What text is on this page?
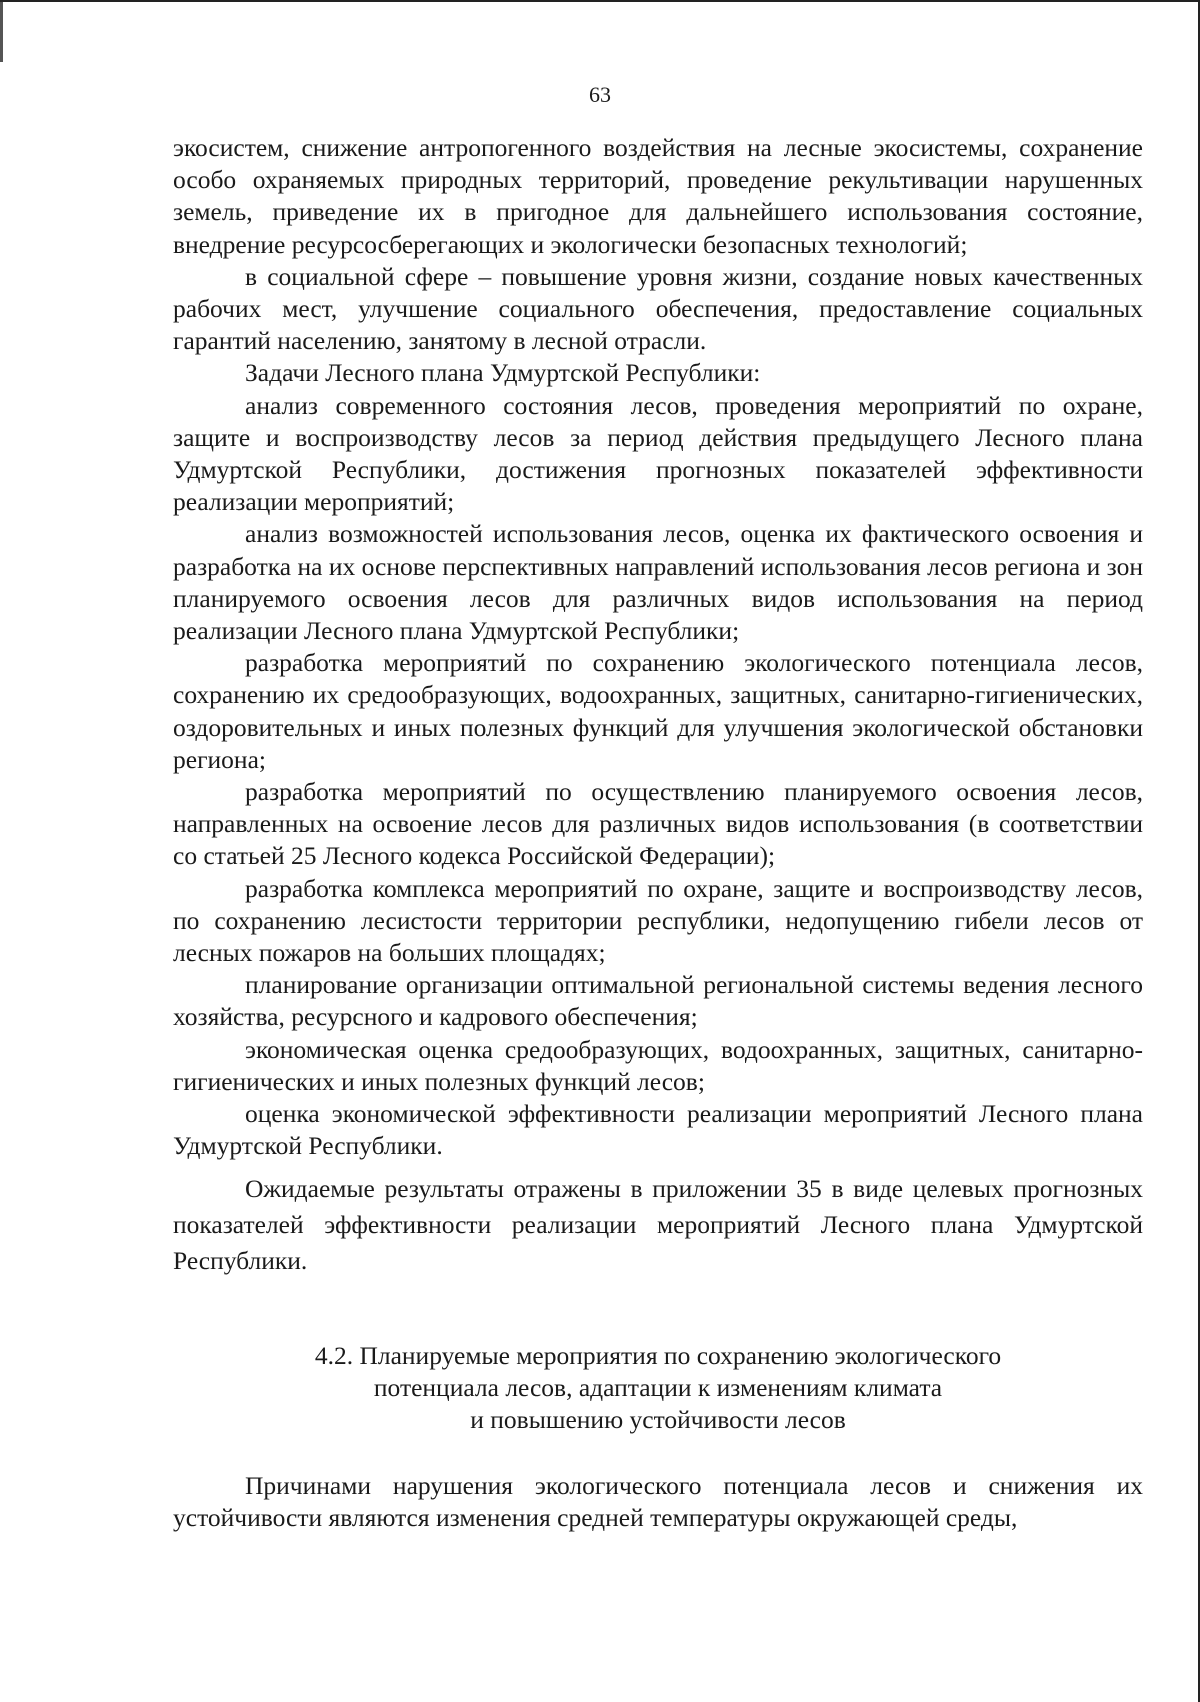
63

экосистем, снижение антропогенного воздействия на лесные экосистемы, сохранение особо охраняемых природных территорий, проведение рекультивации нарушенных земель, приведение их в пригодное для дальнейшего использования состояние, внедрение ресурсосберегающих и экологически безопасных технологий;

в социальной сфере – повышение уровня жизни, создание новых качественных рабочих мест, улучшение социального обеспечения, предоставление социальных гарантий населению, занятому в лесной отрасли.

Задачи Лесного плана Удмуртской Республики:

анализ современного состояния лесов, проведения мероприятий по охране, защите и воспроизводству лесов за период действия предыдущего Лесного плана Удмуртской Республики, достижения прогнозных показателей эффективности реализации мероприятий;

анализ возможностей использования лесов, оценка их фактического освоения и разработка на их основе перспективных направлений использования лесов региона и зон планируемого освоения лесов для различных видов использования на период реализации Лесного плана Удмуртской Республики;

разработка мероприятий по сохранению экологического потенциала лесов, сохранению их средообразующих, водоохранных, защитных, санитарно-гигиенических, оздоровительных и иных полезных функций для улучшения экологической обстановки региона;

разработка мероприятий по осуществлению планируемого освоения лесов, направленных на освоение лесов для различных видов использования (в соответствии со статьей 25 Лесного кодекса Российской Федерации);

разработка комплекса мероприятий по охране, защите и воспроизводству лесов, по сохранению лесистости территории республики, недопущению гибели лесов от лесных пожаров на больших площадях;

планирование организации оптимальной региональной системы ведения лесного хозяйства, ресурсного и кадрового обеспечения;

экономическая оценка средообразующих, водоохранных, защитных, санитарно-гигиенических и иных полезных функций лесов;

оценка экономической эффективности реализации мероприятий Лесного плана Удмуртской Республики.

Ожидаемые результаты отражены в приложении 35 в виде целевых прогнозных показателей эффективности реализации мероприятий Лесного плана Удмуртской Республики.

4.2. Планируемые мероприятия по сохранению экологического
потенциала лесов, адаптации к изменениям климата
и повышению устойчивости лесов

Причинами нарушения экологического потенциала лесов и снижения их устойчивости являются изменения средней температуры окружающей среды,
